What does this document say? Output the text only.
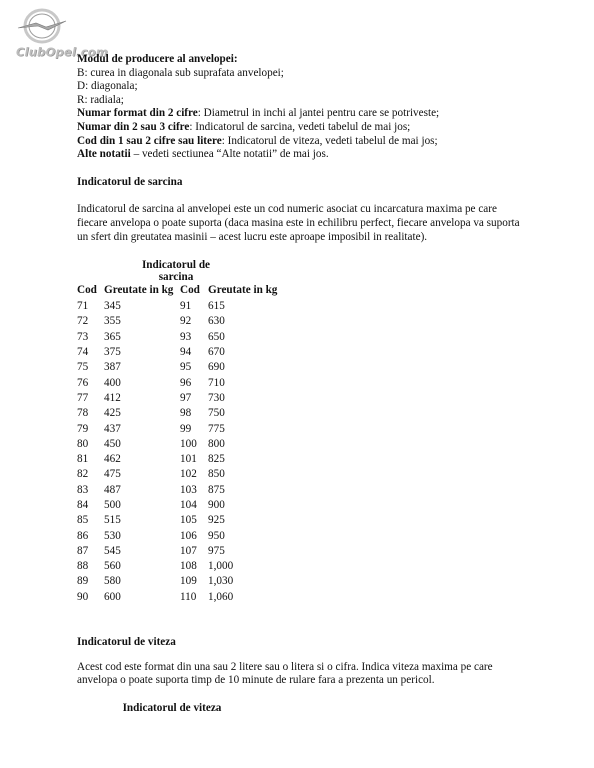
ClubOpel.com

Modul de producere al anvelopei:

B: curea in diagonala sub suprafata anvelopei;

D: diagonala;

R: radiala;

Numar format din 2 cifre: Diametrul in inchi al jantei pentru care se potriveste;

Numar din 2 sau 3 cifre: Indicatorul de sarcina, vedeti tabelul de mai jos;

Cod din 1 sau 2 cifre sau litere: Indicatorul de viteza, vedeti tabelul de mai jos;

Alte notatii – vedeti sectiunea “Alte notatii” de mai jos.

Indicatorul de sarcina

Indicatorul de sarcina al anvelopei este un cod numeric asociat cu incarcatura maxima pe care

fiecare anvelopa o poate suporta (daca masina este in echilibru perfect, fiecare anvelopa va suporta

un sfert din greutatea masinii – acest lucru este aproape imposibil in realitate).

Indicatorul de sarcina
Cod	Greutate in kg	Cod	Greutate in kg
71	345	91	615
72	355	92	630
73	365	93	650
74	375	94	670
75	387	95	690
76	400	96	710
77	412	97	730
78	425	98	750
79	437	99	775
80	450	100	800
81	462	101	825
82	475	102	850
83	487	103	875
84	500	104	900
85	515	105	925
86	530	106	950
87	545	107	975
88	560	108	1,000
89	580	109	1,030
90	600	110	1,060
Indicatorul de viteza

Acest cod este format din una sau 2 litere sau o litera si o cifra. Indica viteza maxima pe care

anvelopa o poate suporta timp de 10 minute de rulare fara a prezenta un pericol.

Indicatorul de viteza
